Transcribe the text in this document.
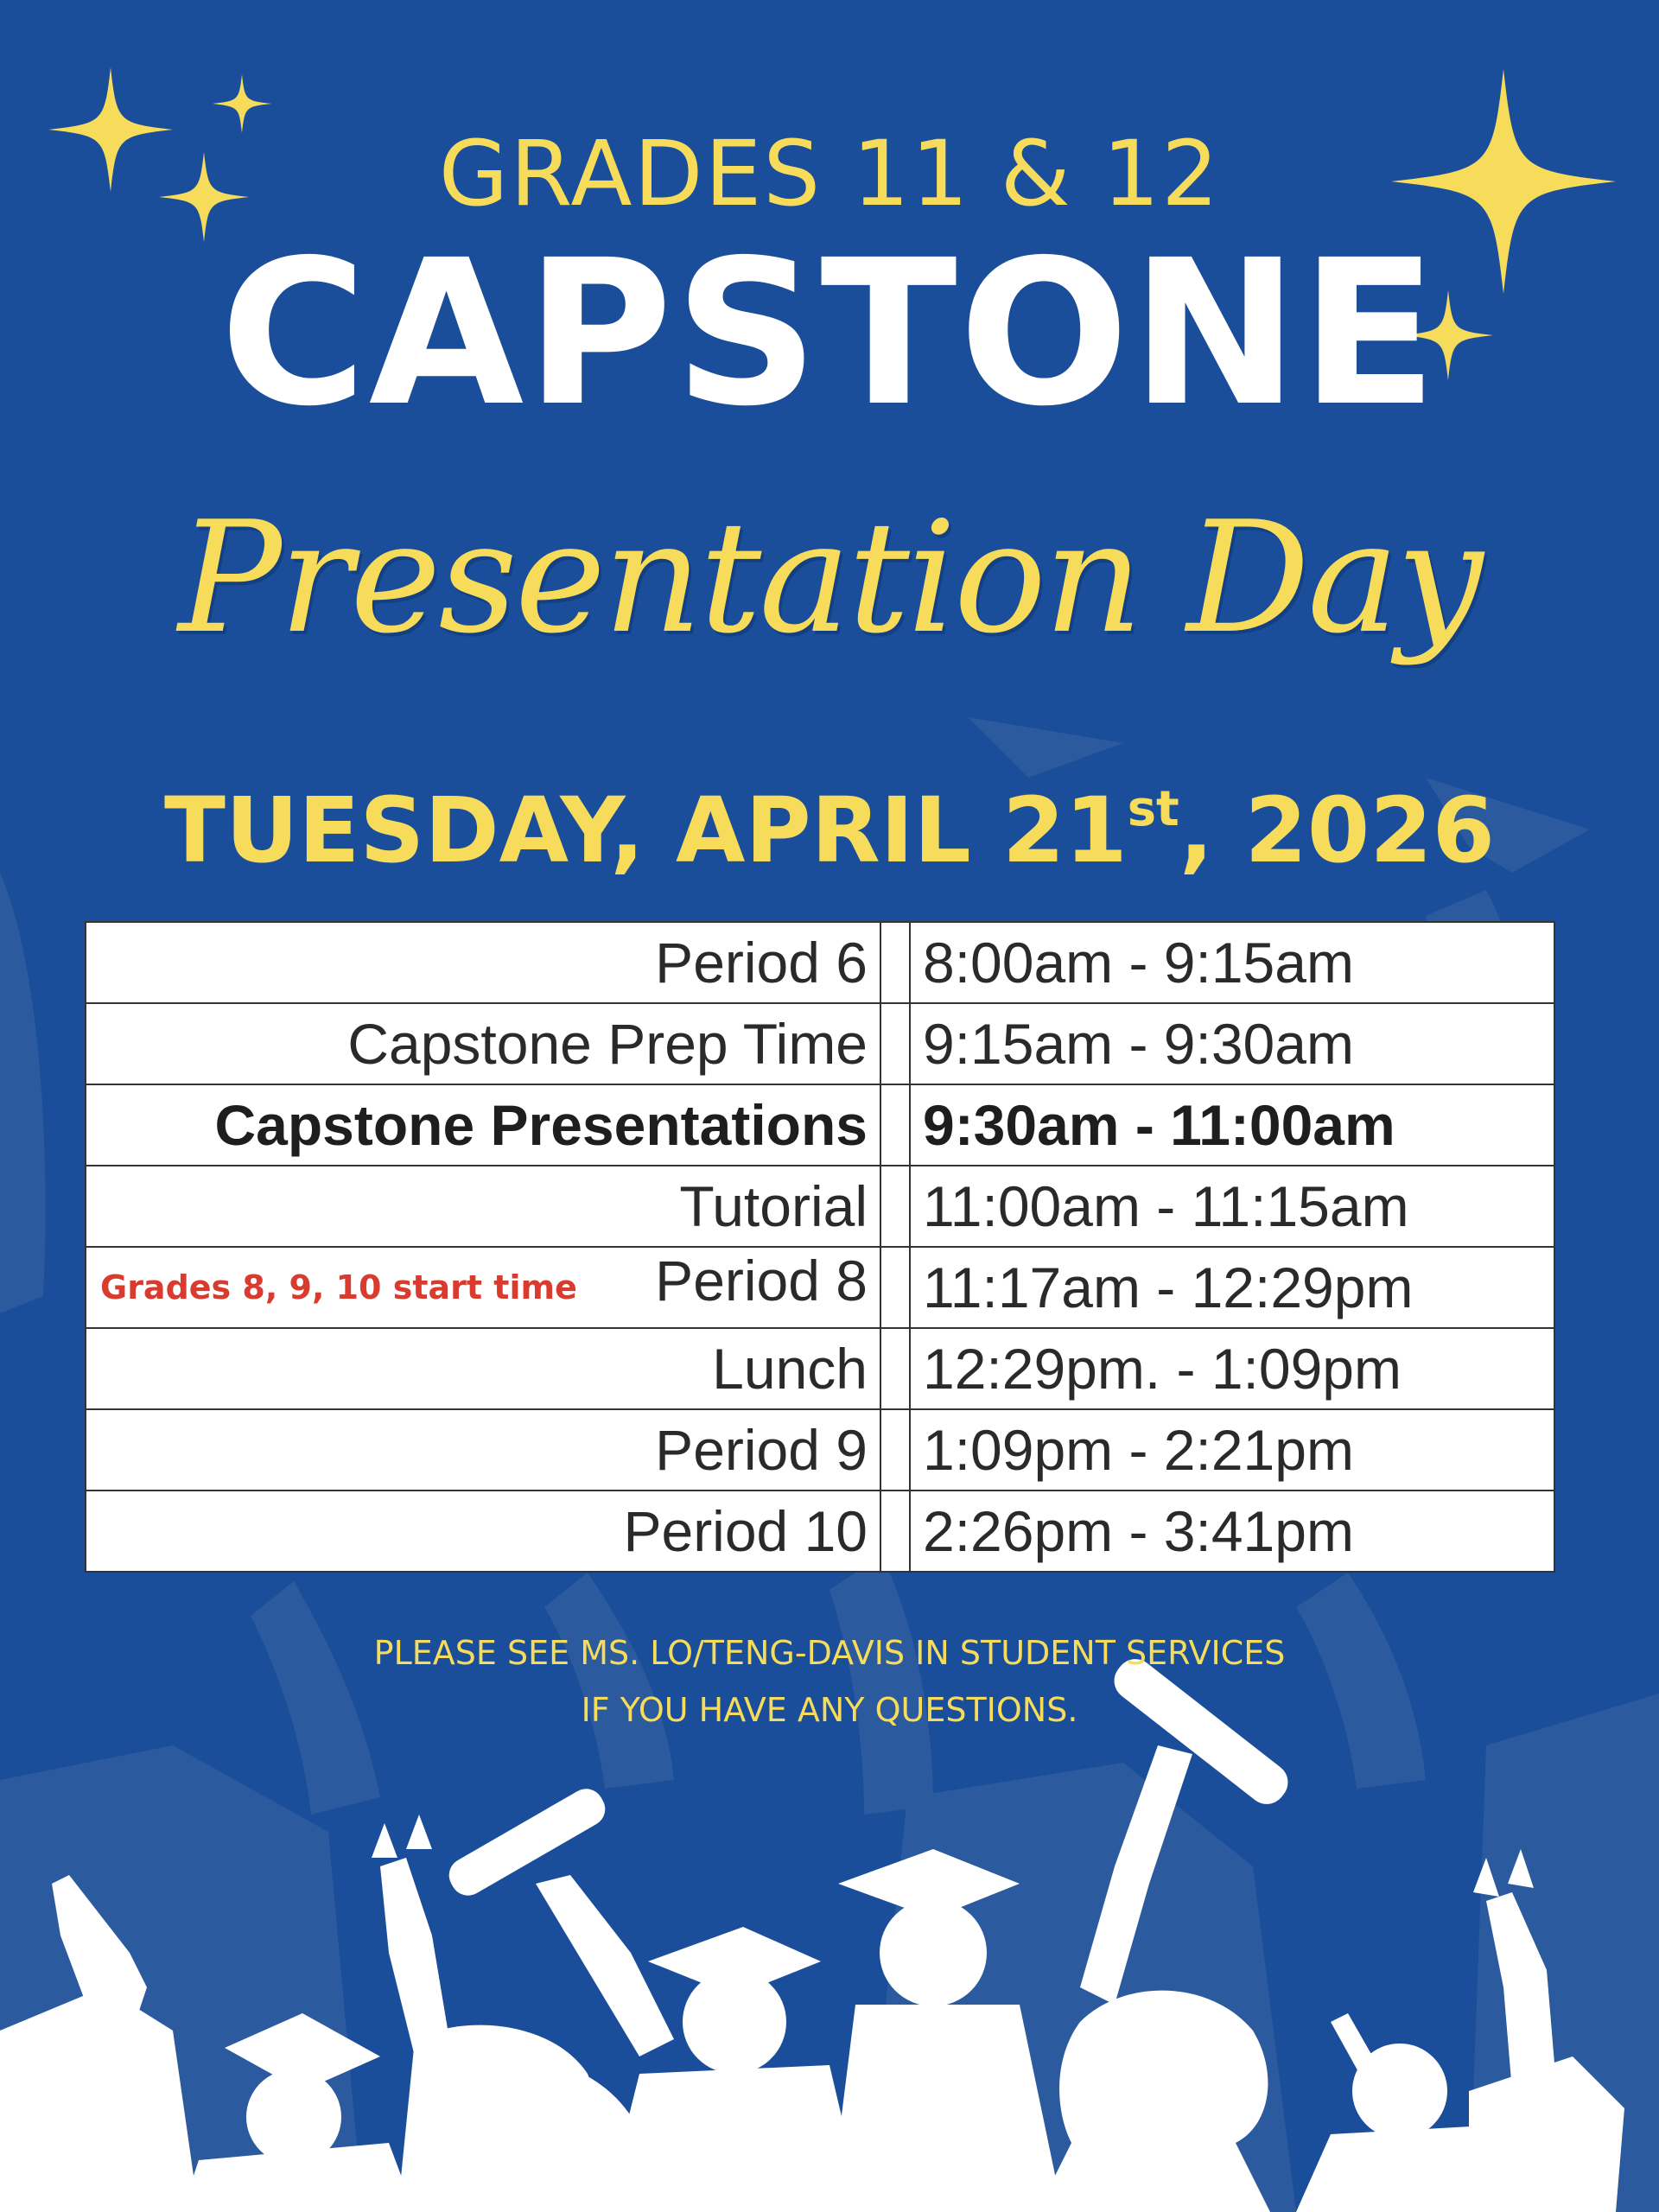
GRADES 11 & 12
CAPSTONE
Presentation Day
TUESDAY, APRIL 21st, 2026
Period 6		8:00am - 9:15am
Capstone Prep Time		9:15am - 9:30am
Capstone Presentations		9:30am - 11:00am
Tutorial		11:00am - 11:15am

Grades 8, 9, 10 start time Period 8		11:17am - 12:29pm
Lunch		12:29pm. - 1:09pm
Period 9		1:09pm - 2:21pm
Period 10		2:26pm - 3:41pm
PLEASE SEE MS. LO/TENG-DAVIS IN STUDENT SERVICES
IF YOU HAVE ANY QUESTIONS.
